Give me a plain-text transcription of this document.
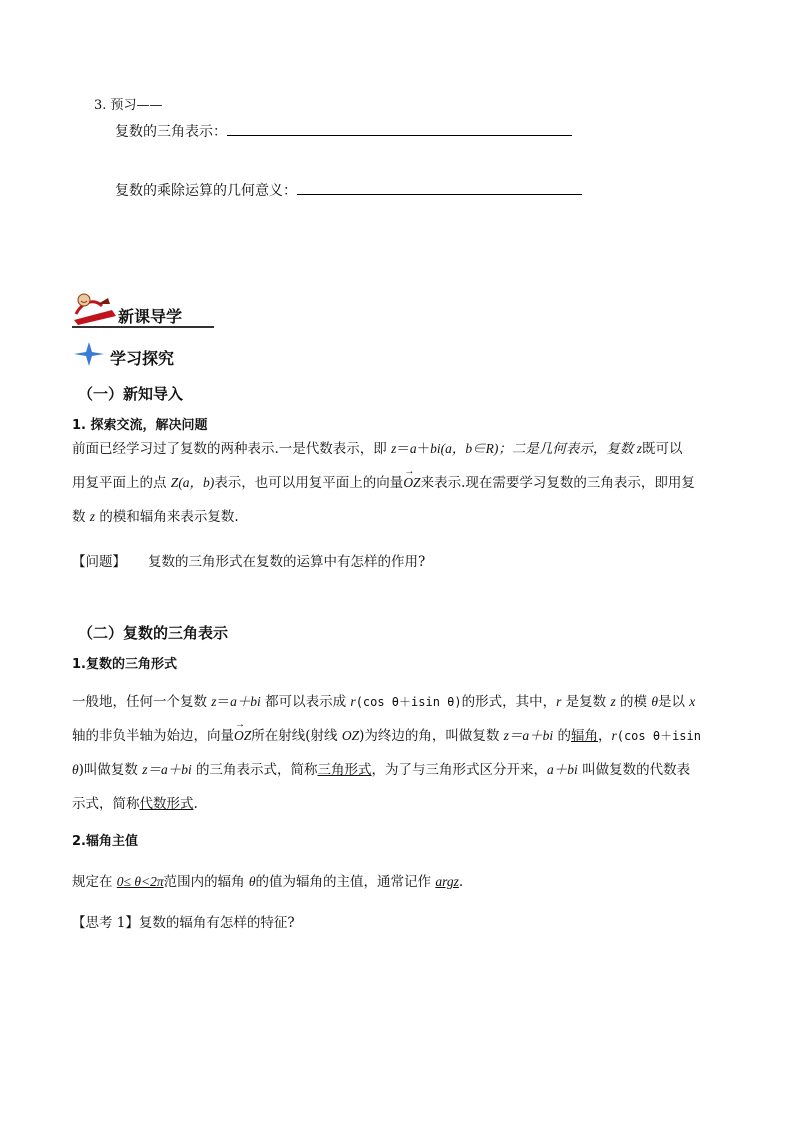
3. 预习——
复数的三角表示：
复数的乘除运算的几何意义：
新课导学
学习探究
（一）新知导入
1. 探索交流，解决问题
前面已经学习过了复数的两种表示.一是代数表示，即 z＝a＋bi(a，b∈R)；二是几何表示，复数 z既可以
用复平面上的点 Z(a，b)表示，也可以用复平面上的向量→ OZ来表示.现在需要学习复数的三角表示，即用复
数 z 的模和辐角来表示复数.
【问题】 复数的三角形式在复数的运算中有怎样的作用?
（二）复数的三角表示
1.复数的三角形式
一般地，任何一个复数 z＝a＋bi 都可以表示成 r(cos θ＋isin θ)的形式，其中，r 是复数 z 的模 θ是以 x
轴的非负半轴为始边，向量→ OZ所在射线(射线 OZ)为终边的角，叫做复数 z＝a＋bi 的辐角，r(cos θ＋isin
θ)叫做复数 z＝a＋bi 的三角表示式，简称三角形式，为了与三角形式区分开来，a＋bi 叫做复数的代数表
示式，简称代数形式.
2.辐角主值
规定在 0≤ θ<2π范围内的辐角 θ的值为辐角的主值，通常记作 argz.
【思考 1】复数的辐角有怎样的特征?
